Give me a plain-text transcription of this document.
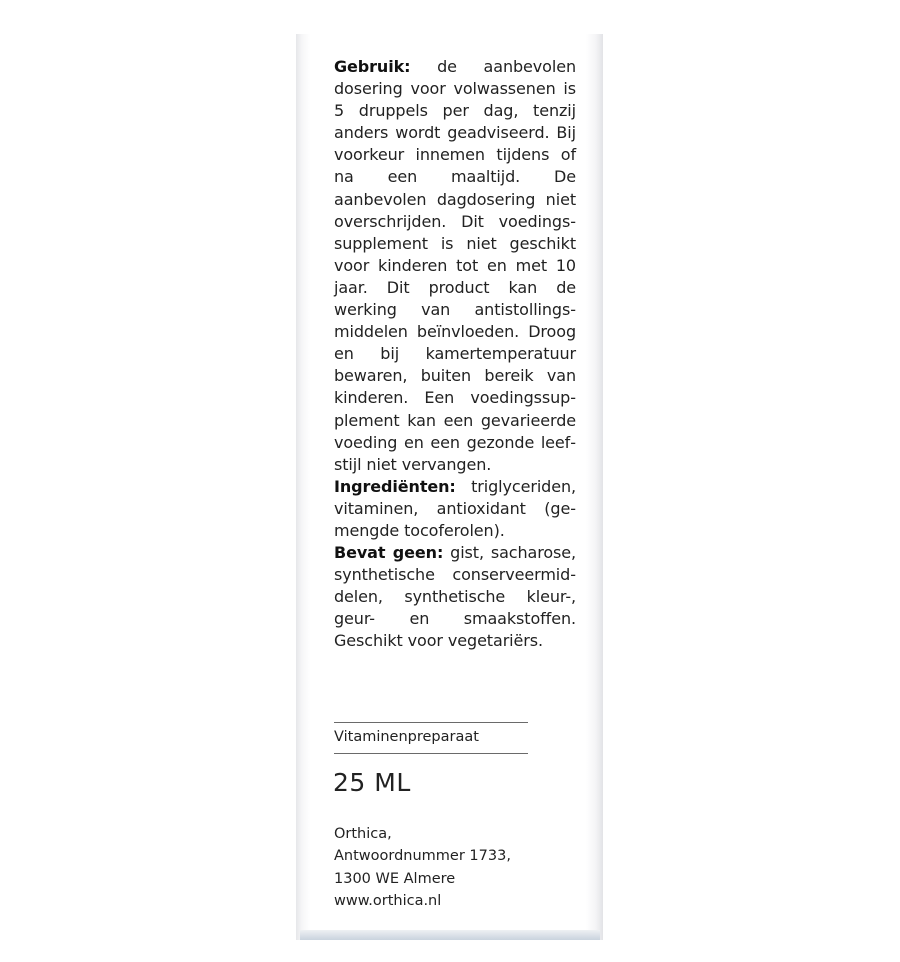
Gebruik: de aanbevolen dosering voor volwassenen is 5 druppels per dag, tenzij anders wordt geadviseerd. Bij voorkeur innemen tijdens of na een maaltijd. De aanbevolen dagdosering niet overschrijden. Dit voedingssupplement is niet geschikt voor kinderen tot en met 10 jaar. Dit product kan de werking van antistollingsmiddelen beïnvloeden. Droog en bij kamertemperatuur bewaren, buiten bereik van kinderen. Een voedingssupplement kan een gevarieerde voeding en een gezonde leefstijl niet vervangen.

Ingrediënten: triglyceriden, vitaminen, antioxidant (gemengde tocoferolen).

Bevat geen: gist, sacharose, synthetische conserveermiddelen, synthetische kleur-, geur- en smaakstoffen. Geschikt voor vegetariërs.

Vitaminenpreparaat
25 ML
Orthica,
Antwoordnummer 1733,
1300 WE Almere
www.orthica.nl
